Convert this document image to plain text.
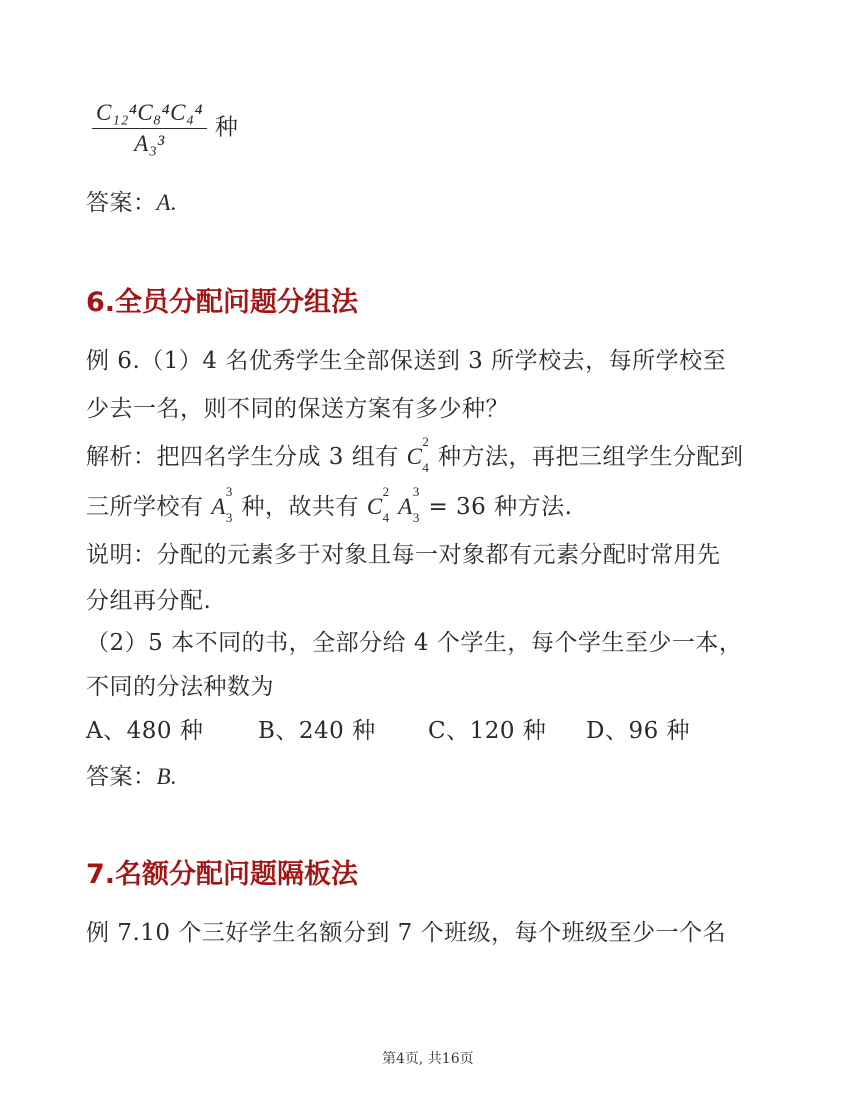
$\frac{\text{C₁₂⁴C₈⁴C₄⁴}}{\text{A₃³}}$ 种
答案：A.
6.全员分配问题分组法
例 6.（1）4 名优秀学生全部保送到 3 所学校去，每所学校至
少去一名，则不同的保送方案有多少种？
解析：把四名学生分成 3 组有 C
2
4 种方法，再把三组学生分配到
三所学校有 A
3
3 种，故共有 C
2
4 A
3
3 = 36 种方法.
说明：分配的元素多于对象且每一对象都有元素分配时常用先
分组再分配.
（2）5 本不同的书，全部分给 4 个学生，每个学生至少一本，
不同的分法种数为
A、480 种 B、240 种 C、120 种 D、96 种
答案：B.
7.名额分配问题隔板法
例 7.10 个三好学生名额分到 7 个班级，每个班级至少一个名
第4页, 共16页
